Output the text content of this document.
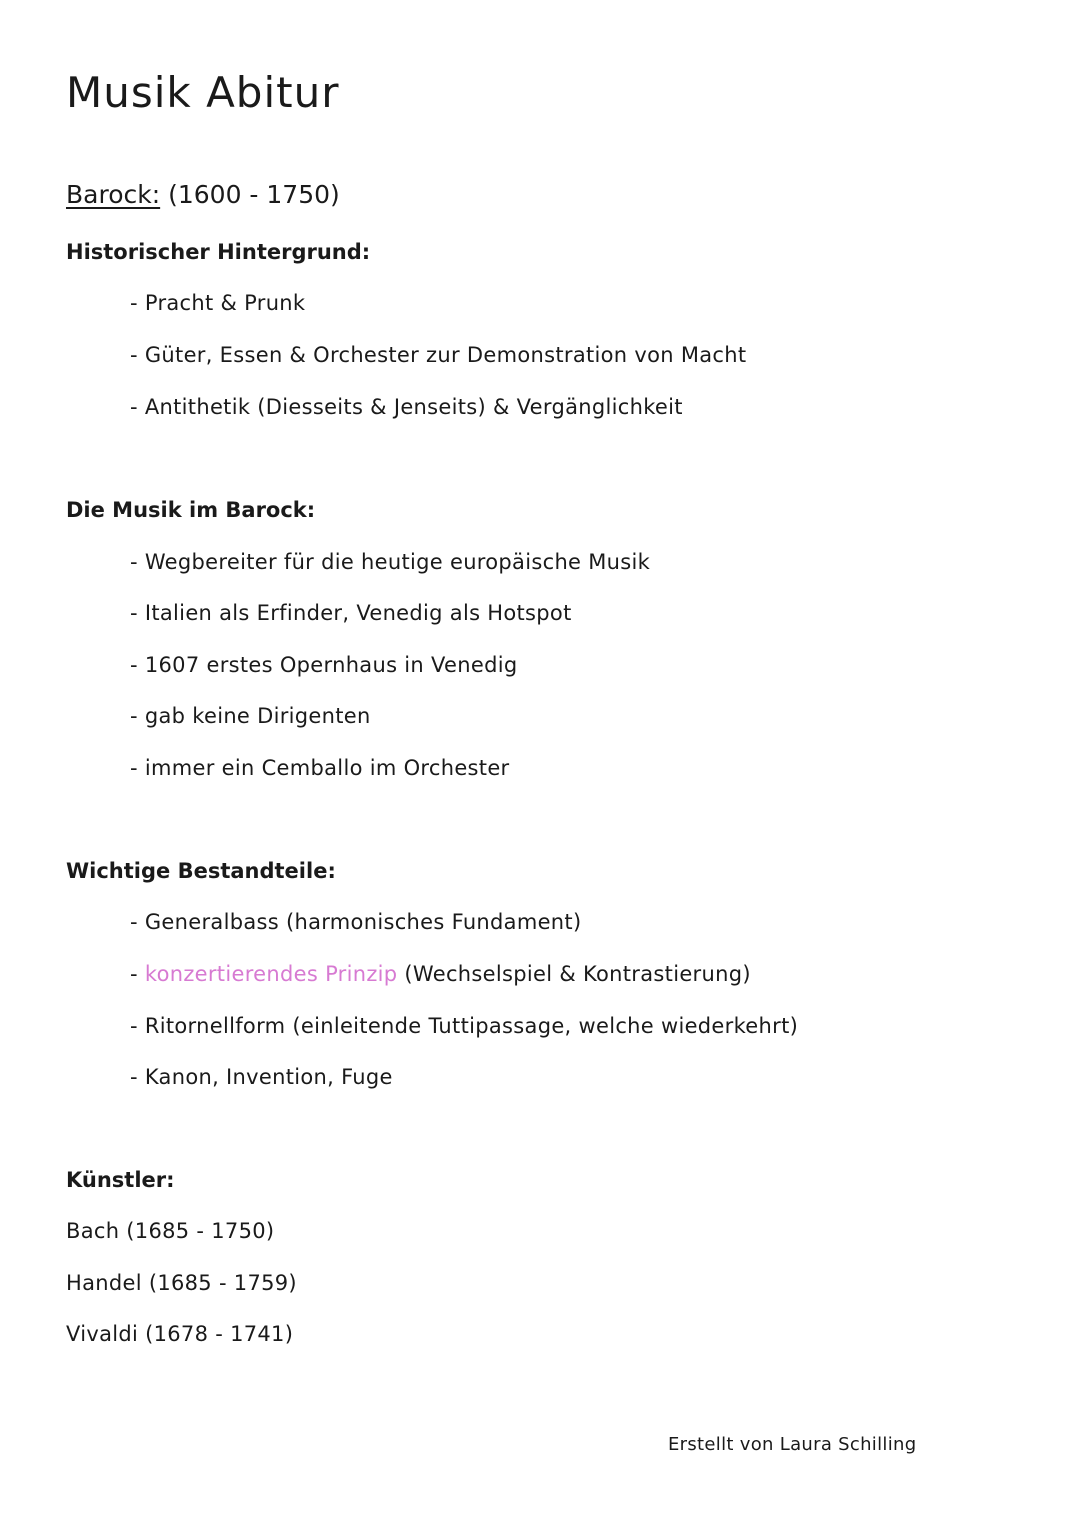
Musik Abitur
Barock: (1600 - 1750)
Historischer Hintergrund:
- Pracht & Prunk
- Güter, Essen & Orchester zur Demonstration von Macht
- Antithetik (Diesseits & Jenseits) & Vergänglichkeit
Die Musik im Barock:
- Wegbereiter für die heutige europäische Musik
- Italien als Erfinder, Venedig als Hotspot
- 1607 erstes Opernhaus in Venedig
- gab keine Dirigenten
- immer ein Cemballo im Orchester
Wichtige Bestandteile:
- Generalbass (harmonisches Fundament)
- konzertierendes Prinzip (Wechselspiel & Kontrastierung)
- Ritornellform (einleitende Tuttipassage, welche wiederkehrt)
- Kanon, Invention, Fuge
Künstler:
Bach (1685 - 1750)
Handel (1685 - 1759)
Vivaldi (1678 - 1741)
Erstellt von Laura Schilling
